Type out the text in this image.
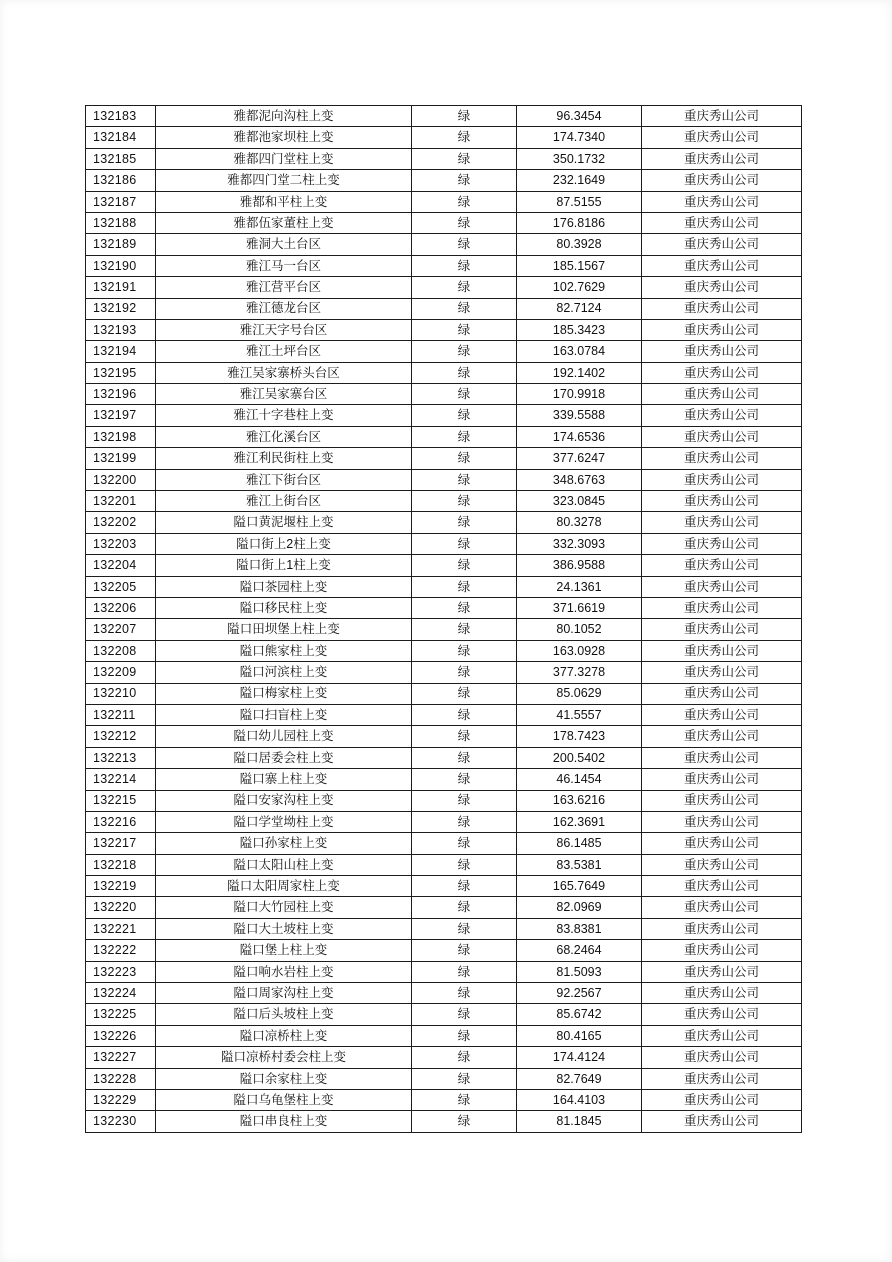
132183	雅都泥向沟柱上变	绿	96.3454	重庆秀山公司
132184	雅都池家坝柱上变	绿	174.7340	重庆秀山公司
132185	雅都四门堂柱上变	绿	350.1732	重庆秀山公司
132186	雅都四门堂二柱上变	绿	232.1649	重庆秀山公司
132187	雅都和平柱上变	绿	87.5155	重庆秀山公司
132188	雅都伍家董柱上变	绿	176.8186	重庆秀山公司
132189	雅洞大土台区	绿	80.3928	重庆秀山公司
132190	雅江马一台区	绿	185.1567	重庆秀山公司
132191	雅江营平台区	绿	102.7629	重庆秀山公司
132192	雅江德龙台区	绿	82.7124	重庆秀山公司
132193	雅江天字号台区	绿	185.3423	重庆秀山公司
132194	雅江土坪台区	绿	163.0784	重庆秀山公司
132195	雅江吴家寨桥头台区	绿	192.1402	重庆秀山公司
132196	雅江吴家寨台区	绿	170.9918	重庆秀山公司
132197	雅江十字巷柱上变	绿	339.5588	重庆秀山公司
132198	雅江化溪台区	绿	174.6536	重庆秀山公司
132199	雅江利民街柱上变	绿	377.6247	重庆秀山公司
132200	雅江下街台区	绿	348.6763	重庆秀山公司
132201	雅江上街台区	绿	323.0845	重庆秀山公司
132202	隘口黄泥堰柱上变	绿	80.3278	重庆秀山公司
132203	隘口街上2柱上变	绿	332.3093	重庆秀山公司
132204	隘口街上1柱上变	绿	386.9588	重庆秀山公司
132205	隘口茶园柱上变	绿	24.1361	重庆秀山公司
132206	隘口移民柱上变	绿	371.6619	重庆秀山公司
132207	隘口田坝堡上柱上变	绿	80.1052	重庆秀山公司
132208	隘口熊家柱上变	绿	163.0928	重庆秀山公司
132209	隘口河滨柱上变	绿	377.3278	重庆秀山公司
132210	隘口梅家柱上变	绿	85.0629	重庆秀山公司
132211	隘口扫盲柱上变	绿	41.5557	重庆秀山公司
132212	隘口幼儿园柱上变	绿	178.7423	重庆秀山公司
132213	隘口居委会柱上变	绿	200.5402	重庆秀山公司
132214	隘口寨上柱上变	绿	46.1454	重庆秀山公司
132215	隘口安家沟柱上变	绿	163.6216	重庆秀山公司
132216	隘口学堂坳柱上变	绿	162.3691	重庆秀山公司
132217	隘口孙家柱上变	绿	86.1485	重庆秀山公司
132218	隘口太阳山柱上变	绿	83.5381	重庆秀山公司
132219	隘口太阳周家柱上变	绿	165.7649	重庆秀山公司
132220	隘口大竹园柱上变	绿	82.0969	重庆秀山公司
132221	隘口大土坡柱上变	绿	83.8381	重庆秀山公司
132222	隘口堡上柱上变	绿	68.2464	重庆秀山公司
132223	隘口响水岩柱上变	绿	81.5093	重庆秀山公司
132224	隘口周家沟柱上变	绿	92.2567	重庆秀山公司
132225	隘口后头坡柱上变	绿	85.6742	重庆秀山公司
132226	隘口凉桥柱上变	绿	80.4165	重庆秀山公司
132227	隘口凉桥村委会柱上变	绿	174.4124	重庆秀山公司
132228	隘口余家柱上变	绿	82.7649	重庆秀山公司
132229	隘口乌龟堡柱上变	绿	164.4103	重庆秀山公司
132230	隘口串良柱上变	绿	81.1845	重庆秀山公司
